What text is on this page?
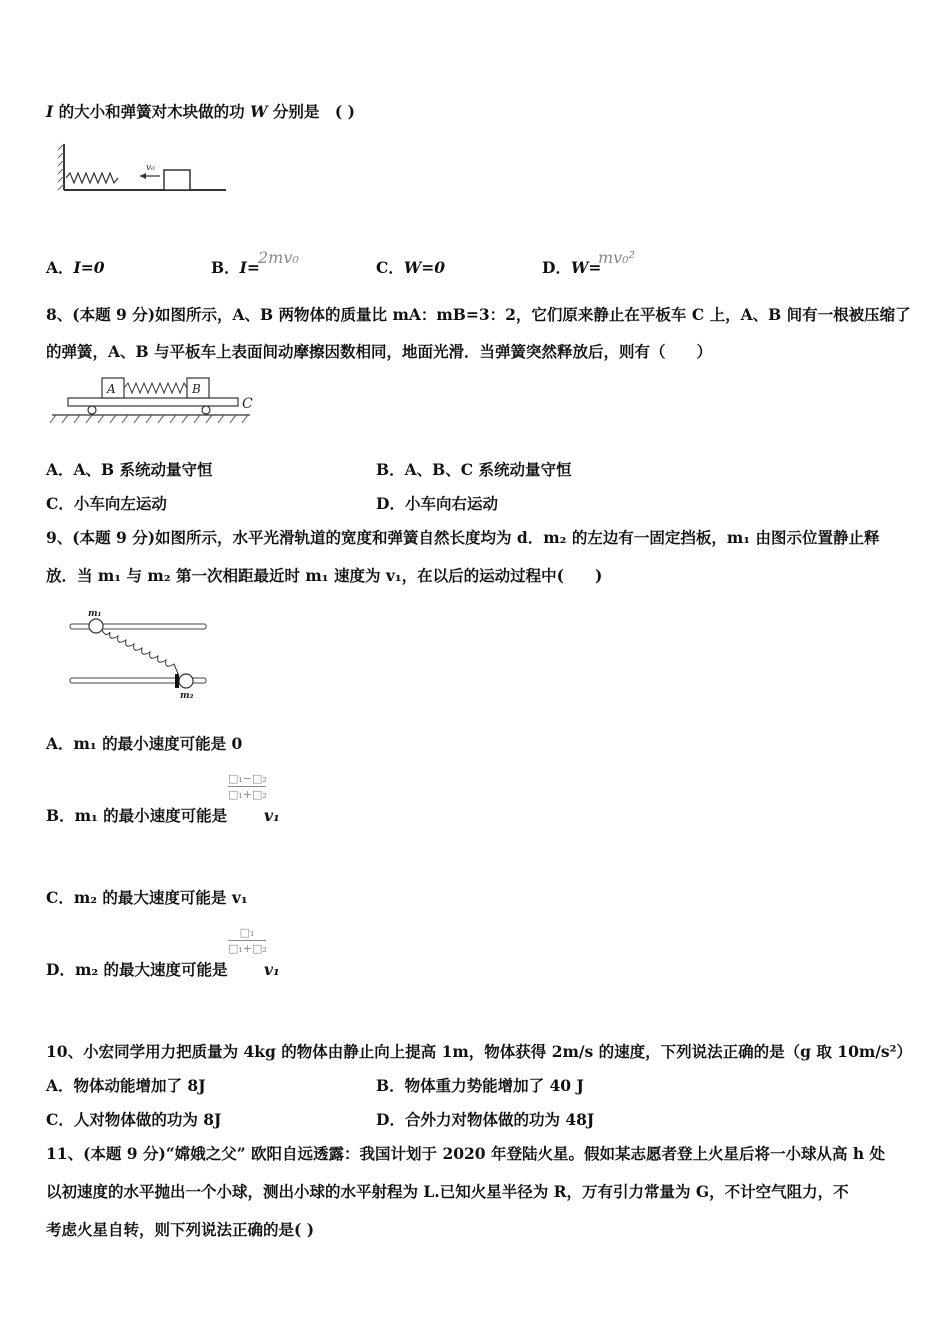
I 的大小和弹簧对木块做的功 W 分别是　( )
v₀
A．I=0	B．I=
2mv₀
C．W=0	D．W=
mv₀²
8、(本题 9 分)如图所示，A、B 两物体的质量比 mA：mB=3：2，它们原来静止在平板车 C 上，A、B 间有一根被压缩了
的弹簧，A、B 与平板车上表面间动摩擦因数相同，地面光滑．当弹簧突然释放后，则有（　　）
A	B
C
A．A、B 系统动量守恒	B．A、B、C 系统动量守恒
C．小车向左运动	D．小车向右运动
9、(本题 9 分)如图所示，水平光滑轨道的宽度和弹簧自然长度均为 d．m₂ 的左边有一固定挡板，m₁ 由图示位置静止释
放．当 m₁ 与 m₂ 第一次相距最近时 m₁ 速度为 v₁，在以后的运动过程中(　　)
m₁
m₂
A．m₁ 的最小速度可能是 0
□₁−□₂
□₁+□₂
B．m₁ 的最小速度可能是 v₁
C．m₂ 的最大速度可能是 v₁
□₁
□₁+□₂
D．m₂ 的最大速度可能是 v₁
10、小宏同学用力把质量为 4kg 的物体由静止向上提高 1m，物体获得 2m/s 的速度，下列说法正确的是（g 取 10m/s²）
A．物体动能增加了 8J	B．物体重力势能增加了 40 J
C．人对物体做的功为 8J	D．合外力对物体做的功为 48J
11、(本题 9 分)“嫦娥之父” 欧阳自远透露：我国计划于 2020 年登陆火星。假如某志愿者登上火星后将一小球从高 h 处
以初速度的水平抛出一个小球，测出小球的水平射程为 L.已知火星半径为 R，万有引力常量为 G，不计空气阻力，不
考虑火星自转，则下列说法正确的是( )
